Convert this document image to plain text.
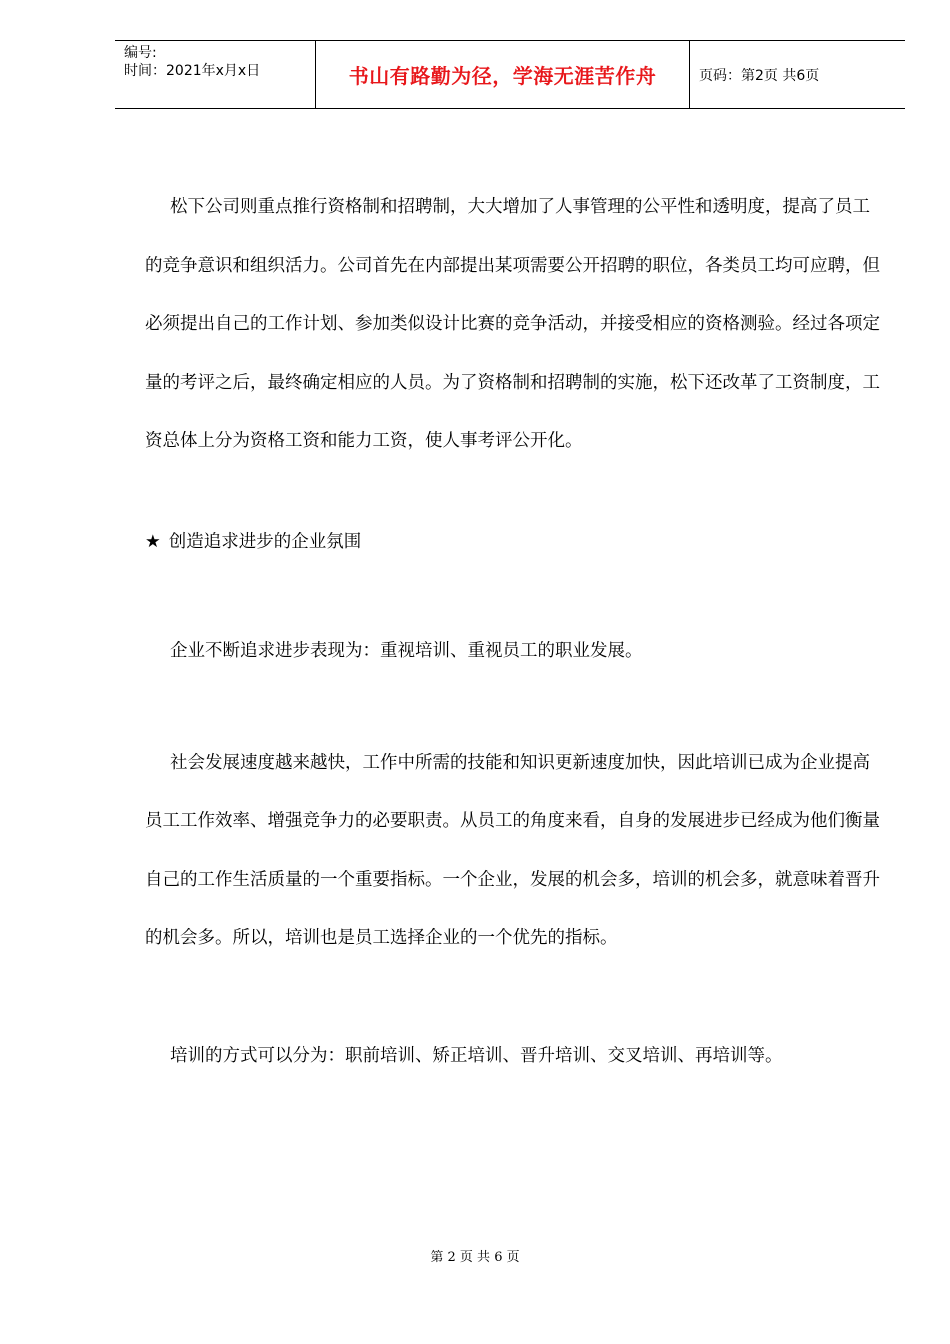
编号:
时间：2021年x月x日	书山有路勤为径，学海无涯苦作舟	页码：第2页 共6页

松下公司则重点推行资格制和招聘制，大大增加了人事管理的公平性和透明度，提高了员工的竞争意识和组织活力。公司首先在内部提出某项需要公开招聘的职位，各类员工均可应聘，但必须提出自己的工作计划、参加类似设计比赛的竞争活动，并接受相应的资格测验。经过各项定量的考评之后，最终确定相应的人员。为了资格制和招聘制的实施，松下还改革了工资制度，工资总体上分为资格工资和能力工资，使人事考评公开化。

★ 创造追求进步的企业氛围

企业不断追求进步表现为：重视培训、重视员工的职业发展。

社会发展速度越来越快，工作中所需的技能和知识更新速度加快，因此培训已成为企业提高员工工作效率、增强竞争力的必要职责。从员工的角度来看，自身的发展进步已经成为他们衡量自己的工作生活质量的一个重要指标。一个企业，发展的机会多，培训的机会多，就意味着晋升的机会多。所以，培训也是员工选择企业的一个优先的指标。

培训的方式可以分为：职前培训、矫正培训、晋升培训、交叉培训、再培训等。

第 2 页 共 6 页
